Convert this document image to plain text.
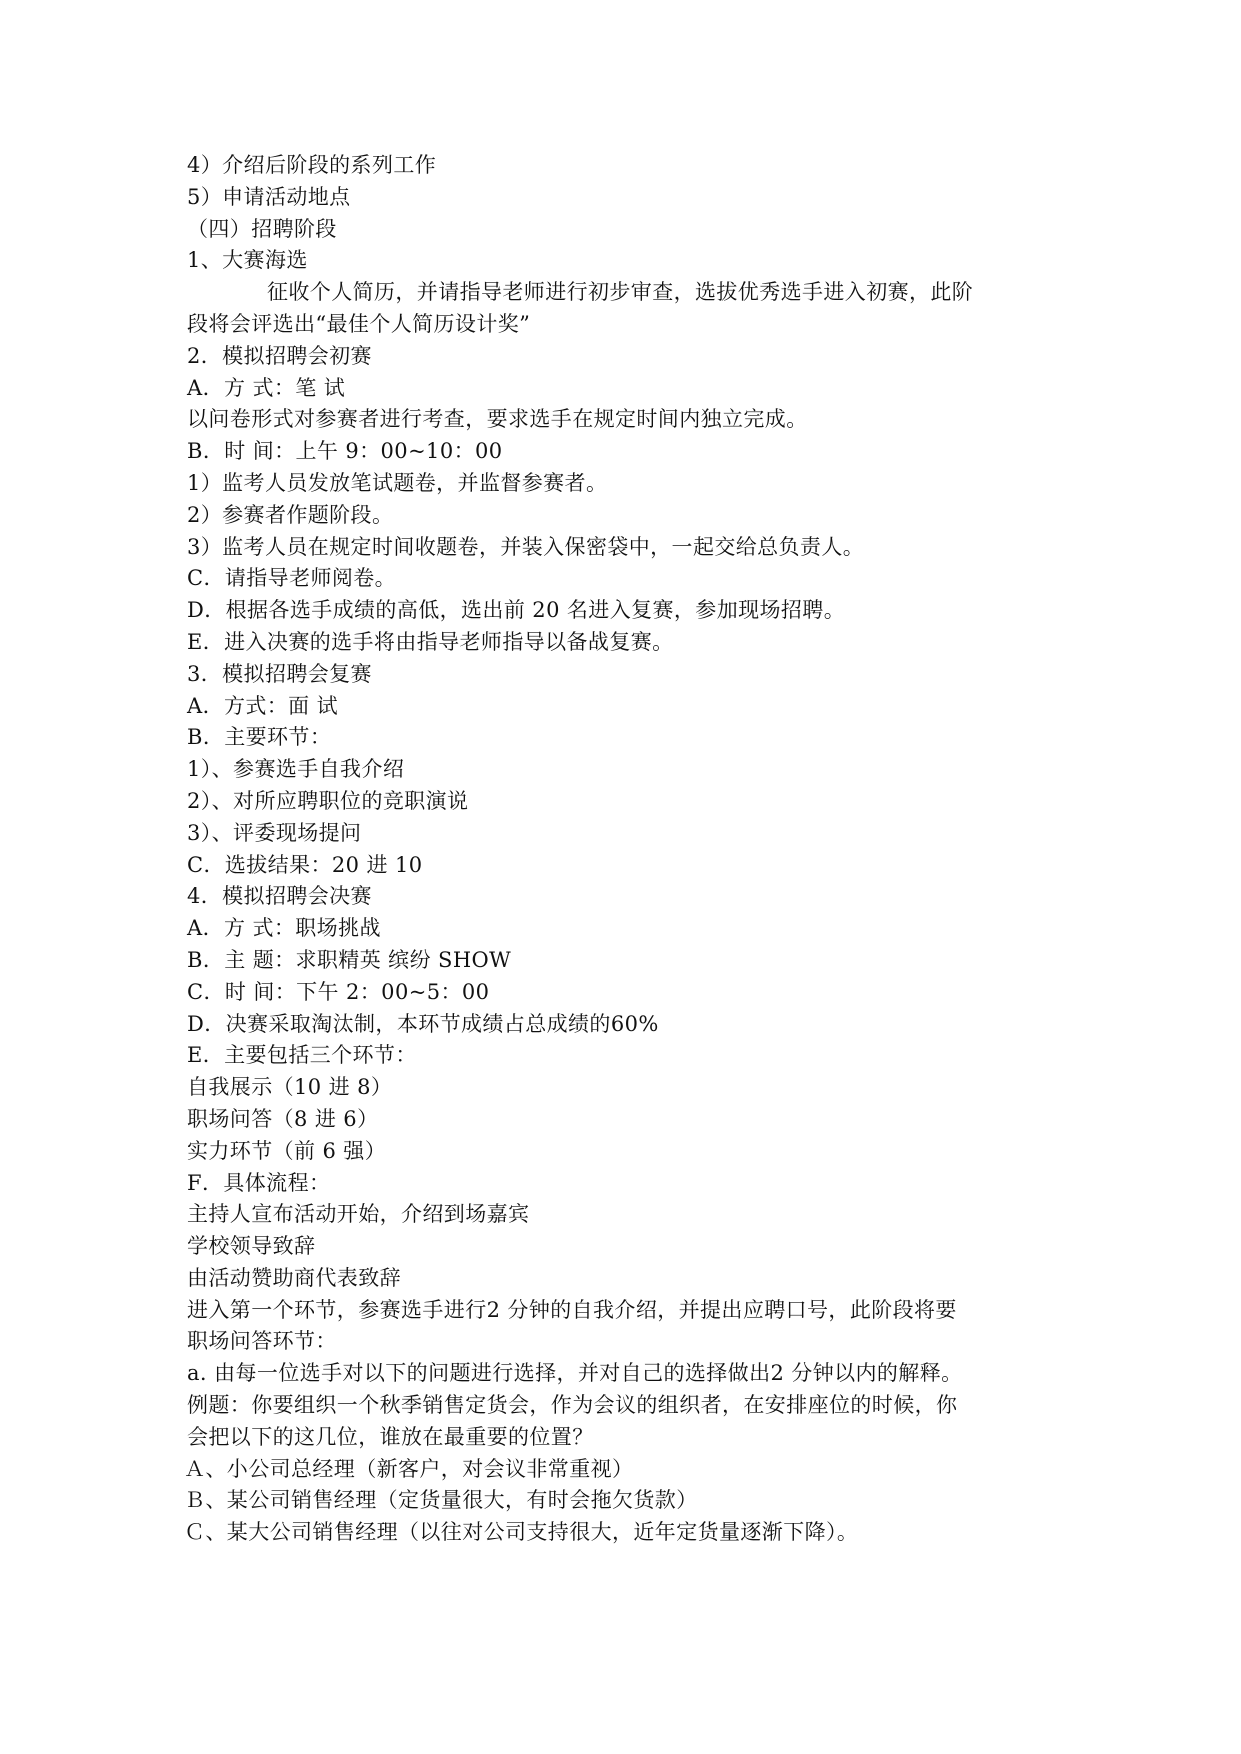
4）介绍后阶段的系列工作
5）申请活动地点
（四）招聘阶段
1、大赛海选
征收个人简历，并请指导老师进行初步审查，选拔优秀选手进入初赛，此阶
段将会评选出“最佳个人简历设计奖”
2．模拟招聘会初赛
A．方 式：笔 试
以问卷形式对参赛者进行考查，要求选手在规定时间内独立完成。
B．时 间：上午 9：00~10：00
1）监考人员发放笔试题卷，并监督参赛者。
2）参赛者作题阶段。
3）监考人员在规定时间收题卷，并装入保密袋中，一起交给总负责人。
C．请指导老师阅卷。
D．根据各选手成绩的高低，选出前 20 名进入复赛，参加现场招聘。
E．进入决赛的选手将由指导老师指导以备战复赛。
3．模拟招聘会复赛
A．方式：面 试
B．主要环节：
1）、参赛选手自我介绍
2）、对所应聘职位的竞职演说
3）、评委现场提问
C．选拔结果：20 进 10
4．模拟招聘会决赛
A．方 式：职场挑战
B．主 题：求职精英 缤纷 SHOW
C．时 间：下午 2：00~5：00
D．决赛采取淘汰制，本环节成绩占总成绩的60%
E．主要包括三个环节：
自我展示（10 进 8）
职场问答（8 进 6）
实力环节（前 6 强）
F．具体流程：
主持人宣布活动开始，介绍到场嘉宾
学校领导致辞
由活动赞助商代表致辞
进入第一个环节，参赛选手进行2 分钟的自我介绍，并提出应聘口号，此阶段将要
职场问答环节：
a. 由每一位选手对以下的问题进行选择，并对自己的选择做出2 分钟以内的解释。
例题：你要组织一个秋季销售定货会，作为会议的组织者，在安排座位的时候，你
会把以下的这几位，谁放在最重要的位置？
Ａ、小公司总经理（新客户，对会议非常重视）
Ｂ、某公司销售经理（定货量很大，有时会拖欠货款）
Ｃ、某大公司销售经理（以往对公司支持很大，近年定货量逐渐下降）。
